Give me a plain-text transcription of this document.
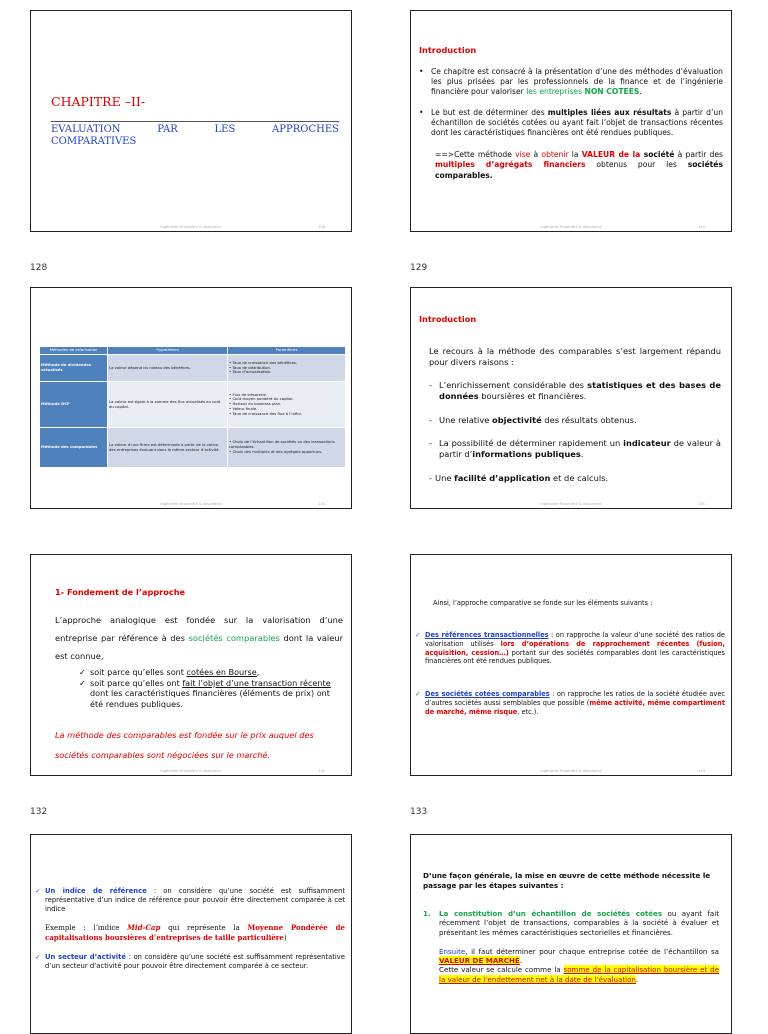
CHAPITRE –II-
EVALUATION	PAR	LES	APPROCHES
COMPARATIVES
Ingénierie Financière & Assurance	128
128
Introduction
• Ce chapitre est consacré à la présentation d’une des méthodes d’évaluation les plus prisées par les professionnels de la finance et de l’ingénierie financière pour valoriser les entreprises NON COTEES.
• Le but est de déterminer des multiples liées aux résultats à partir d’un échantillon de sociétés cotées ou ayant fait l’objet de transactions récentes dont les caractéristiques financières ont été rendues publiques.
==>Cette méthode vise à obtenir la VALEUR de la société à partir des multiples d’agrégats financiers obtenus pour les sociétés comparables.
Ingénierie Financière & Assurance	129
129
Méthodes de valorisation	Hypothèses	Paramètres
Méthode de dividendes actualisés	La valeur dépend du niveau des bénéfices.	• Taux de croissance des bénéfices.
• Taux de distribution.
• Taux d’actualisation.

Méthode DCF	La valeur est égale à la somme des flux actualisés au coût du capital.	• Flux de trésorerie.
• Coût moyen pondéré du capital.
• Horizon du business plan.
• Valeur finale.
• Taux de croissance des flux à l’infini.

Méthode des comparables	La valeur d’une firme est déterminée à partir de la valeur des entreprises évoluant dans le même secteur d’activité.	• Choix de l’échantillon de sociétés ou des transactions comparables.
• Choix des multiples et des agrégats opportuns.
Ingénierie Financière & Assurance	130
Introduction
Le recours à la méthode des comparables s’est largement répandu pour divers raisons :
- L’enrichissement considérable des statistiques et des bases de données boursières et financières.
- Une relative objectivité des résultats obtenus.
- La possibilité de déterminer rapidement un indicateur de valeur à partir d’informations publiques.
- Une facilité d’application et de calculs.
Ingénierie Financière & Assurance	131
1- Fondement de l’approche
L’approche analogique est fondée sur la valorisation d’une entreprise par référence à des sociétés comparables dont la valeur est connue,
✓ soit parce qu’elles sont cotées en Bourse,
✓ soit parce qu’elles ont fait l’objet d’une transaction récente dont les caractéristiques financières (éléments de prix) ont été rendues publiques.
La méthode des comparables est fondée sur le prix auquel des sociétés comparables sont négociées sur le marché.
Ingénierie Financière & Assurance	132
132
Ainsi, l’approche comparative se fonde sur les éléments suivants :
✓ Des références transactionnelles : on rapproche la valeur d’une société des ratios de valorisation utilisés lors d’opérations de rapprochement récentes (fusion, acquisition, cession…) portant sur des sociétés comparables dont les caractéristiques financières ont été rendues publiques.
✓ Des sociétés cotées comparables : on rapproche les ratios de la société étudiée avec d’autres sociétés aussi semblables que possible (même activité, même compartiment de marché, même risque, etc.).
Ingénierie Financière & Assurance	133
133
✓ Un indice de référence : on considère qu’une société est suffisamment représentative d’un indice de référence pour pouvoir être directement comparée à cet indice
Exemple : l’indice Mid-Cap qui représente la Moyenne Pondérée de capitalisations boursières d’entreprises de taille particulière)
✓ Un secteur d’activité : on considère qu’une société est suffisamment représentative d’un secteur d’activité pour pouvoir être directement comparée à ce secteur.
D’une façon générale, la mise en œuvre de cette méthode nécessite le passage par les étapes suivantes :
1.	La constitution d’un échantillon de sociétés cotées ou ayant fait récemment l’objet de transactions, comparables à la société à évaluer et présentant les mêmes caractéristiques sectorielles et financières.
Ensuite, il faut déterminer pour chaque entreprise cotée de l’échantillon sa VALEUR DE MARCHÉ.
Cette valeur se calcule comme la somme de la capitalisation boursière et de la valeur de l’endettement net à la date de l’évaluation.
